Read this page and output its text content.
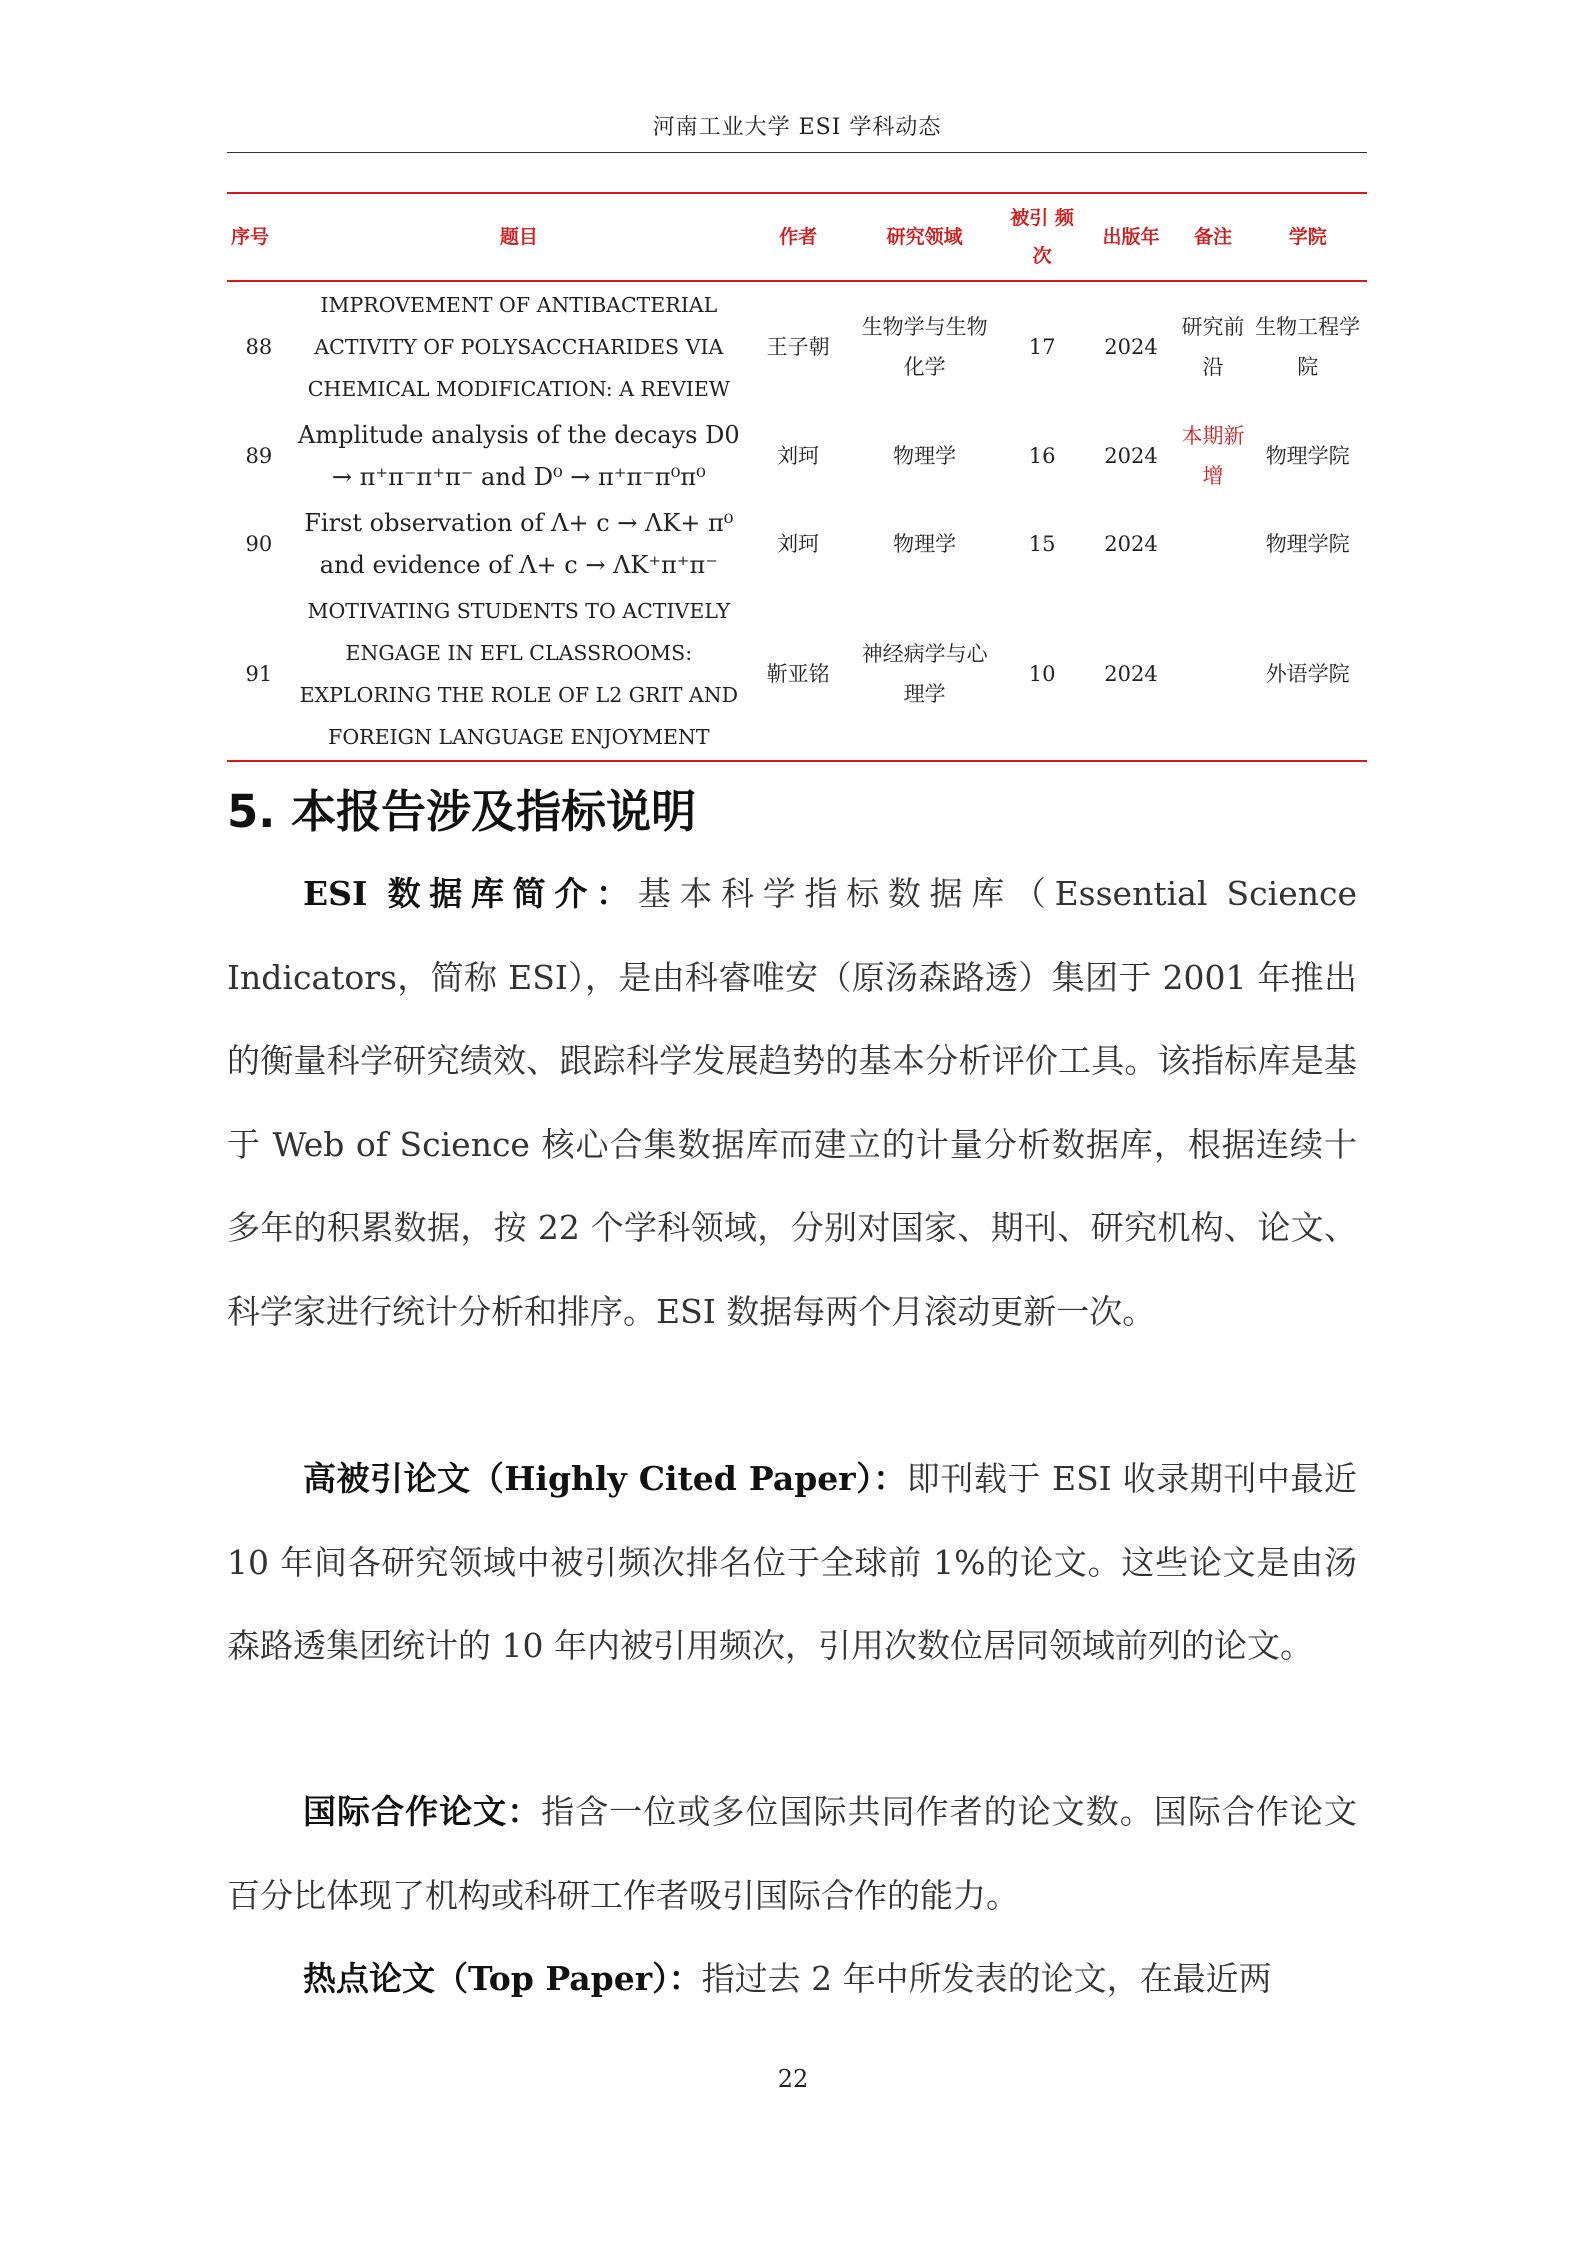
河南工业大学 ESI 学科动态
序号	题目	作者	研究领域	被引 频次	出版年	备注	学院
88	IMPROVEMENT OF ANTIBACTERIAL ACTIVITY OF POLYSACCHARIDES VIA CHEMICAL MODIFICATION: A REVIEW	王子朝	生物学与生物化学	17	2024	研究前沿	生物工程学院
89	Amplitude analysis of the decays D0 → π⁺π⁻π⁺π⁻ and D⁰ → π⁺π⁻π⁰π⁰	刘珂	物理学	16	2024	本期新增	物理学院
90	First observation of Λ+ c → ΛK+ π⁰ and evidence of Λ+ c → ΛK⁺π⁺π⁻	刘珂	物理学	15	2024		物理学院
91	MOTIVATING STUDENTS TO ACTIVELY ENGAGE IN EFL CLASSROOMS: EXPLORING THE ROLE OF L2 GRIT AND FOREIGN LANGUAGE ENJOYMENT	靳亚铭	神经病学与心理学	10	2024		外语学院
5. 本报告涉及指标说明

ESI 数据库简介：基本科学指标数据库（Essential Science Indicators，简称 ESI），是由科睿唯安（原汤森路透）集团于 2001 年推出的衡量科学研究绩效、跟踪科学发展趋势的基本分析评价工具。该指标库是基于 Web of Science 核心合集数据库而建立的计量分析数据库，根据连续十多年的积累数据，按 22 个学科领域，分别对国家、期刊、研究机构、论文、科学家进行统计分析和排序。ESI 数据每两个月滚动更新一次。

高被引论文（Highly Cited Paper）：即刊载于 ESI 收录期刊中最近 10 年间各研究领域中被引频次排名位于全球前 1%的论文。这些论文是由汤森路透集团统计的 10 年内被引用频次，引用次数位居同领域前列的论文。

国际合作论文：指含一位或多位国际共同作者的论文数。国际合作论文百分比体现了机构或科研工作者吸引国际合作的能力。

热点论文（Top Paper）：指过去 2 年中所发表的论文，在最近两

22
